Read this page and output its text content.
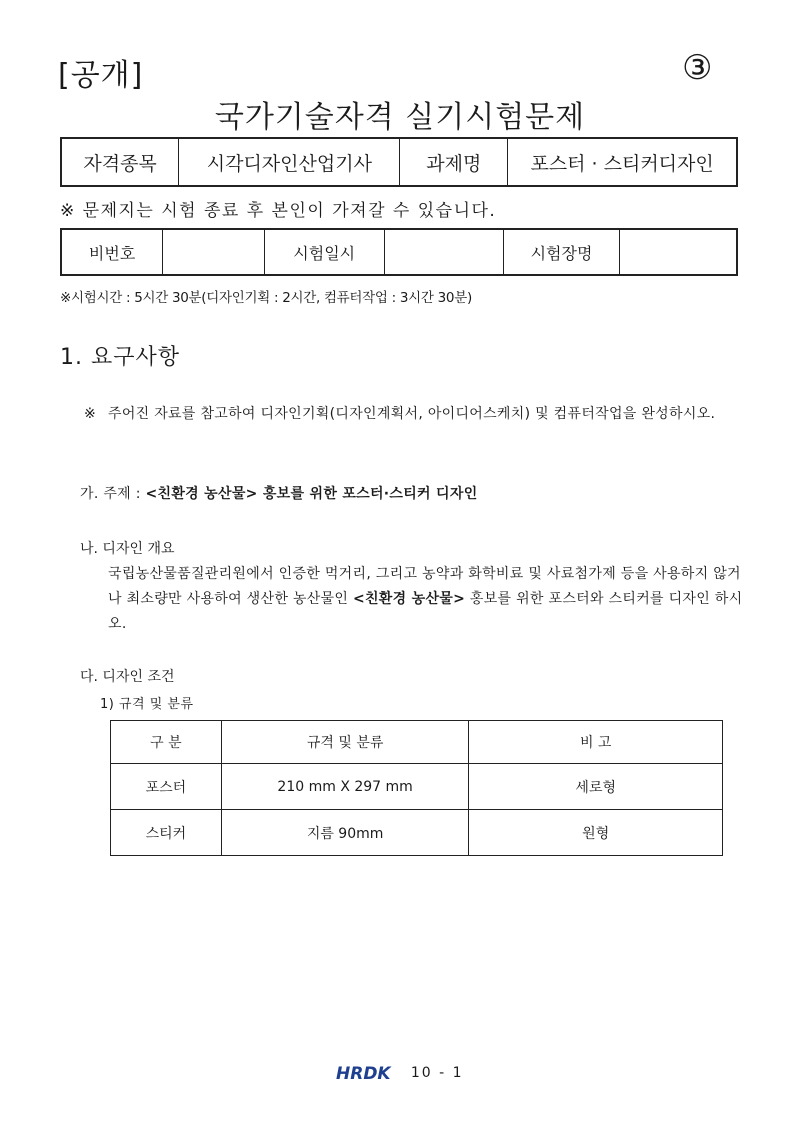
[공개]	③
국가기술자격 실기시험문제
자격종목	시각디자인산업기사	과제명	포스터 · 스티커디자인
※ 문제지는 시험 종료 후 본인이 가져갈 수 있습니다.
비번호		시험일시		시험장명	
※시험시간 : 5시간 30분(디자인기획 : 2시간, 컴퓨터작업 : 3시간 30분)
1. 요구사항
※ 주어진 자료를 참고하여 디자인기획(디자인계획서, 아이디어스케치) 및 컴퓨터작업을 완성하시오.
가. 주제 : <친환경 농산물> 홍보를 위한 포스터·스티커 디자인
나. 디자인 개요
국립농산물품질관리원에서 인증한 먹거리, 그리고 농약과 화학비료 및 사료첨가제 등을 사용하지 않거나 최소량만 사용하여 생산한 농산물인 <친환경 농산물> 홍보를 위한 포스터와 스티커를 디자인 하시오.
다. 디자인 조건
1) 규격 및 분류
구 분	규격 및 분류	비 고
포스터	210 mm X 297 mm	세로형
스티커	지름 90mm	원형
HRDK 10 - 1
